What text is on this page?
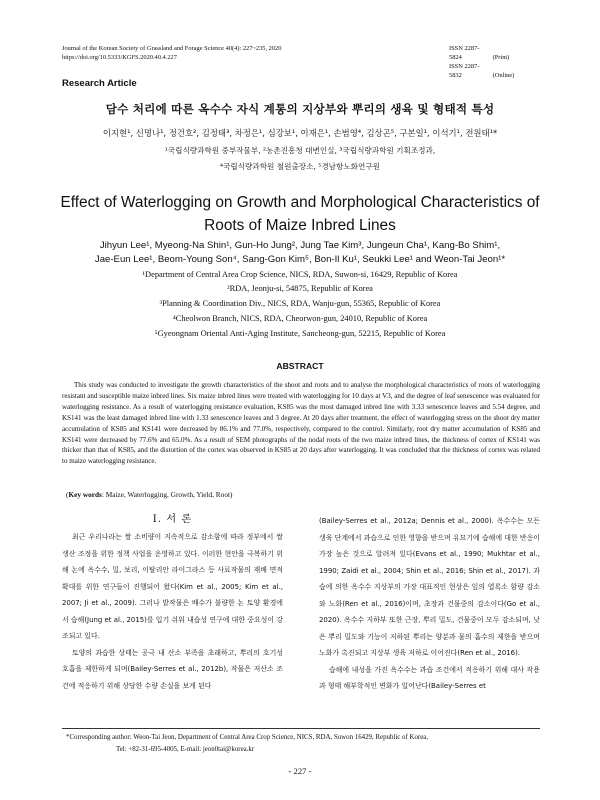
Journal of the Korean Society of Grassland and Forage Science 40(4): 227~235, 2020
https://doi.org/10.5333/KGFS.2020.40.4.227
ISSN 2287-5824	(Print)
ISSN 2287-5832	(Online)
Research Article
담수 처리에 따른 옥수수 자식 계통의 지상부와 뿌리의 생육 및 형태적 특성
이지현¹, 신명나¹, 정건호², 김정태³, 차정은¹, 심강보¹, 이재은¹, 손범영⁴, 김상곤⁵, 구본일¹, 이석기¹, 전원태¹*
¹국립식량과학원 중부작물부, ²농촌진흥청 대변인실, ³국립식량과학원 기획조정과,
⁴국립식량과학원 철원출장소, ⁵경남항노화연구원
Effect of Waterlogging on Growth and Morphological Characteristics of
Roots of Maize Inbred Lines
Jihyun Lee¹, Myeong-Na Shin¹, Gun-Ho Jung², Jung Tae Kim³, Jungeun Cha¹, Kang-Bo Shim¹,
Jae-Eun Lee¹, Beom-Young Son⁴, Sang-Gon Kim⁵, Bon-Il Ku¹, Seukki Lee¹ and Weon-Tai Jeon¹*
¹Department of Central Area Crop Science, NICS, RDA, Suwon-si, 16429, Republic of Korea
²RDA, Jeonju-si, 54875, Republic of Korea
³Planning & Coordination Div., NICS, RDA, Wanju-gun, 55365, Republic of Korea
⁴Cheolwon Branch, NICS, RDA, Cheorwon-gun, 24010, Republic of Korea
⁵Gyeongnam Oriental Anti-Aging Institute, Sancheong-gun, 52215, Republic of Korea
ABSTRACT
This study was conducted to investigate the growth characteristics of the shoot and roots and to analyse the morphological characteristics of roots of waterlogging resistant and susceptible maize inbred lines. Six maize inbred lines were treated with waterlogging for 10 days at V3, and the degree of leaf senescence was evaluated for waterlogging resistance. As a result of waterlogging resistance evaluation, KS85 was the most damaged inbred line with 3.33 senescence leaves and 5.54 degree, and KS141 was the least damaged inbred line with 1.33 senescence leaves and 3 degree. At 20 days after treatment, the effect of waterlogging stress on the shoot dry matter accumulation of KS85 and KS141 were decreased by 86.1% and 77.0%, respectively, compared to the control. Similarly, root dry matter accumulation of KS85 and KS141 were decreased by 77.6% and 65.0%. As a result of SEM photographs of the nodal roots of the two maize inbred lines, the thickness of cortex of KS141 was thicker than that of KS85, and the distortion of the cortex was observed in KS85 at 20 days after waterlogging. It was concluded that the thickness of cortex was related to maize waterlogging resistance.
(Key words: Maize, Waterlogging, Growth, Yield, Root)
Ⅰ. 서 론

최근 우리나라는 쌀 소비량이 지속적으로 감소함에 따라 정부에서 쌀 생산 조정을 위한 정책 사업을 운영하고 있다. 이러한 현안을 극복하기 위해 논에 옥수수, 밀, 보리, 이탈리안 라이그라스 등 사료작물의 재배 면적 확대를 위한 연구들이 진행되어 왔다(Kim et al., 2005; Kim et al., 2007; Ji et al., 2009). 그러나 밭작물은 배수가 불량한 논 토양 환경에서 습해(Jung et al., 2015)를 입기 쉬워 내습성 연구에 대한 중요성이 강조되고 있다.

토양의 과습한 상태는 공극 내 산소 부족을 초래하고, 뿌리의 호기성 호흡을 제한하게 되며(Bailey-Serres et al., 2012b), 작물은 저산소 조건에 적응하기 위해 상당한 수량 손실을 보게 된다

(Bailey-Serres et al., 2012a; Dennis et al., 2000). 옥수수는 모든 생육 단계에서 과습으로 인한 영향을 받으며 유묘기에 습해에 대한 반응이 가장 높은 것으로 알려져 있다(Evans et al., 1990; Mukhtar et al., 1990; Zaidi et al., 2004; Shin et al., 2016; Shin et al., 2017). 과습에 의한 옥수수 지상부의 가장 대표적인 현상은 잎의 엽록소 함량 감소와 노화(Ren et al., 2016)이며, 초장과 건물중의 감소이다(Go et al., 2020). 옥수수 지하부 또한 근장, 뿌리 밀도, 건물중이 모두 감소되며, 낮은 뿌리 밀도와 기능이 저하된 뿌리는 양분과 물의 흡수의 제한을 받으며 노화가 촉진되고 지상부 생육 저하로 이어진다(Ren et al., 2016).

습해에 내성을 가진 옥수수는 과습 조건에서 적응하기 위해 대사 작용과 형태 해부학적인 변화가 일어난다(Bailey-Serres et

*Corresponding author: Weon-Tai Jeon, Department of Central Area Crop Science, NICS, RDA, Suwon 16429, Republic of Korea,
Tel: +82-31-695-4005, E-mail: jeon0tai@korea.kr
- 227 -
